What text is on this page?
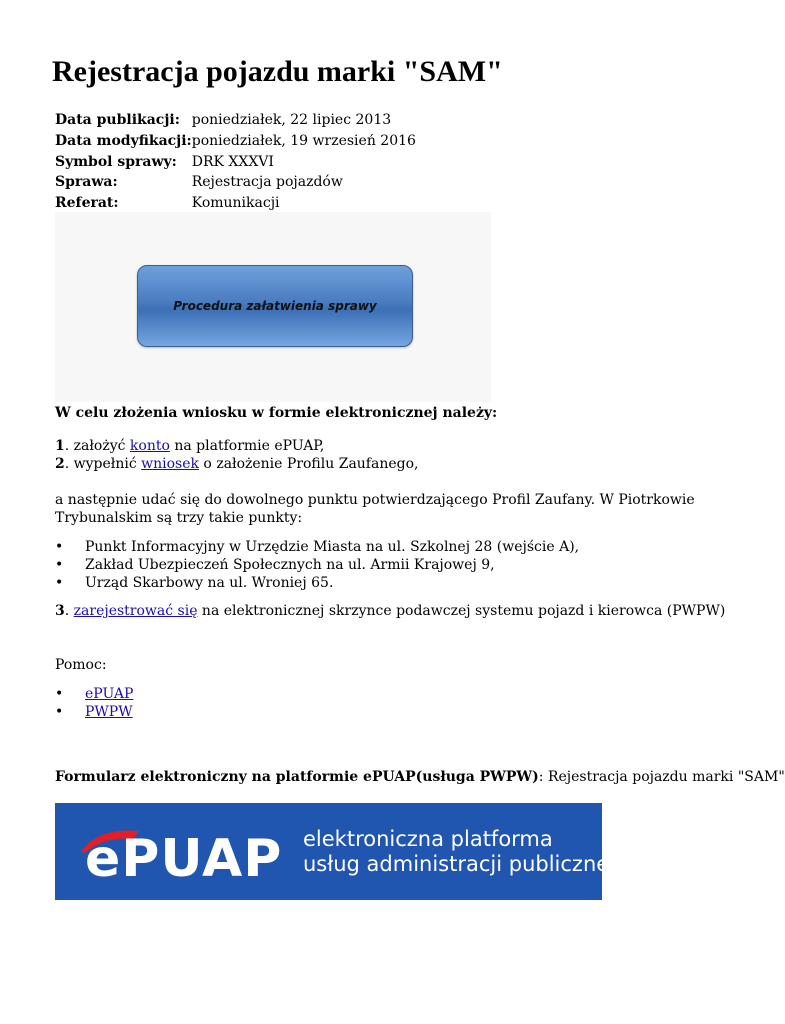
Rejestracja pojazdu marki "SAM"
Data publikacji:	poniedziałek, 22 lipiec 2013
Data modyfikacji:	poniedziałek, 19 wrzesień 2016
Symbol sprawy:	DRK XXXVI
Sprawa:	Rejestracja pojazdów
Referat:	Komunikacji
Procedura załatwienia sprawy
W celu złożenia wniosku w formie elektronicznej należy:
1. założyć konto na platformie ePUAP,
2. wypełnić wniosek o założenie Profilu Zaufanego,
a następnie udać się do dowolnego punktu potwierdzającego Profil Zaufany. W Piotrkowie
Trybunalskim są trzy takie punkty:
• Punkt Informacyjny w Urzędzie Miasta na ul. Szkolnej 28 (wejście A),
• Zakład Ubezpieczeń Społecznych na ul. Armii Krajowej 9,
• Urząd Skarbowy na ul. Wroniej 65.
3. zarejestrować się na elektronicznej skrzynce podawczej systemu pojazd i kierowca (PWPW)
Pomoc:
• ePUAP
• PWPW
Formularz elektroniczny na platformie ePUAP(usługa PWPW): Rejestracja pojazdu marki "SAM"
ePUAP elektroniczna platforma
usług administracji publicznej
